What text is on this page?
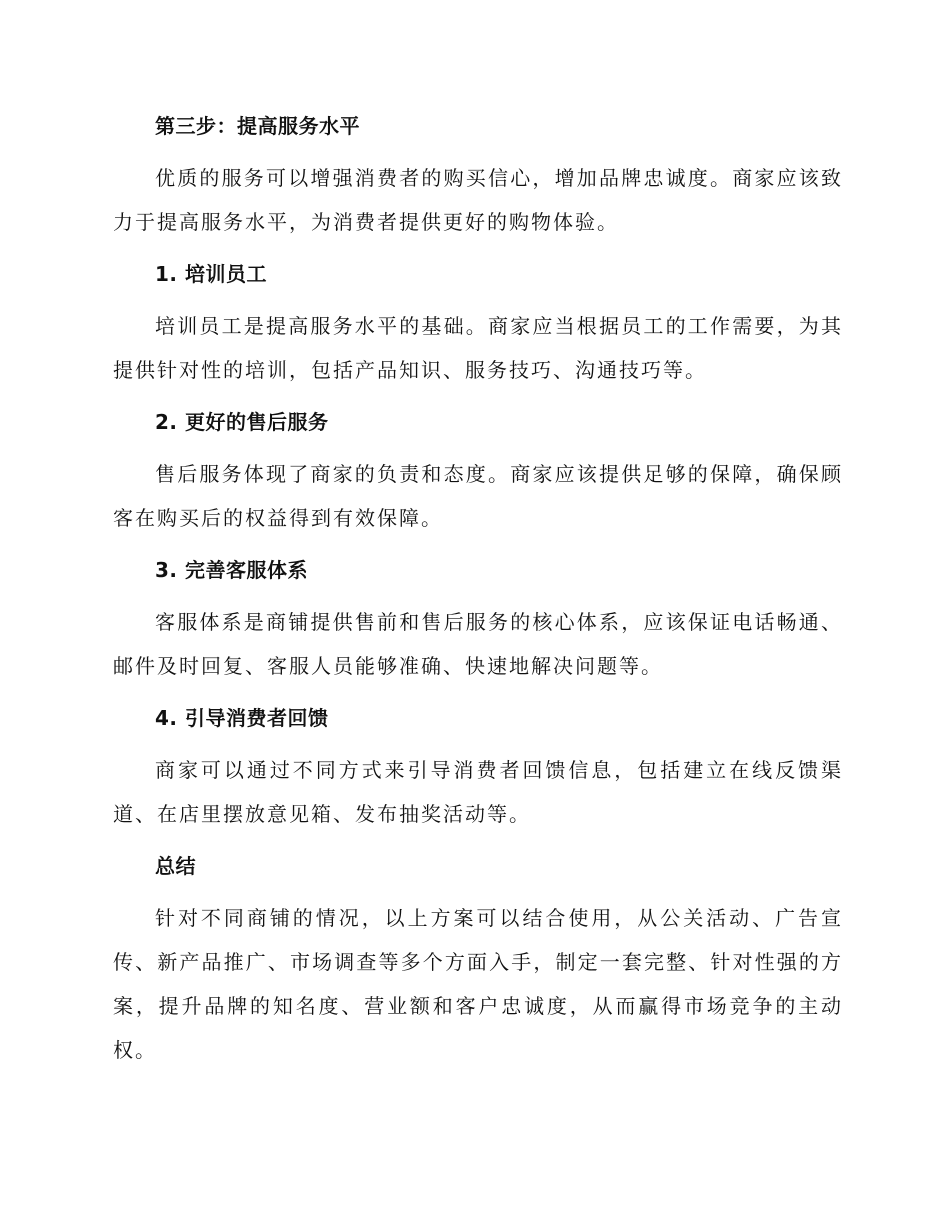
第三步：提高服务水平

优质的服务可以增强消费者的购买信心，增加品牌忠诚度。商家应该致力于提高服务水平，为消费者提供更好的购物体验。

1. 培训员工

培训员工是提高服务水平的基础。商家应当根据员工的工作需要，为其提供针对性的培训，包括产品知识、服务技巧、沟通技巧等。

2. 更好的售后服务

售后服务体现了商家的负责和态度。商家应该提供足够的保障，确保顾客在购买后的权益得到有效保障。

3. 完善客服体系

客服体系是商铺提供售前和售后服务的核心体系，应该保证电话畅通、邮件及时回复、客服人员能够准确、快速地解决问题等。

4. 引导消费者回馈

商家可以通过不同方式来引导消费者回馈信息，包括建立在线反馈渠道、在店里摆放意见箱、发布抽奖活动等。

总结

针对不同商铺的情况，以上方案可以结合使用，从公关活动、广告宣传、新产品推广、市场调查等多个方面入手，制定一套完整、针对性强的方案，提升品牌的知名度、营业额和客户忠诚度，从而赢得市场竞争的主动权。
